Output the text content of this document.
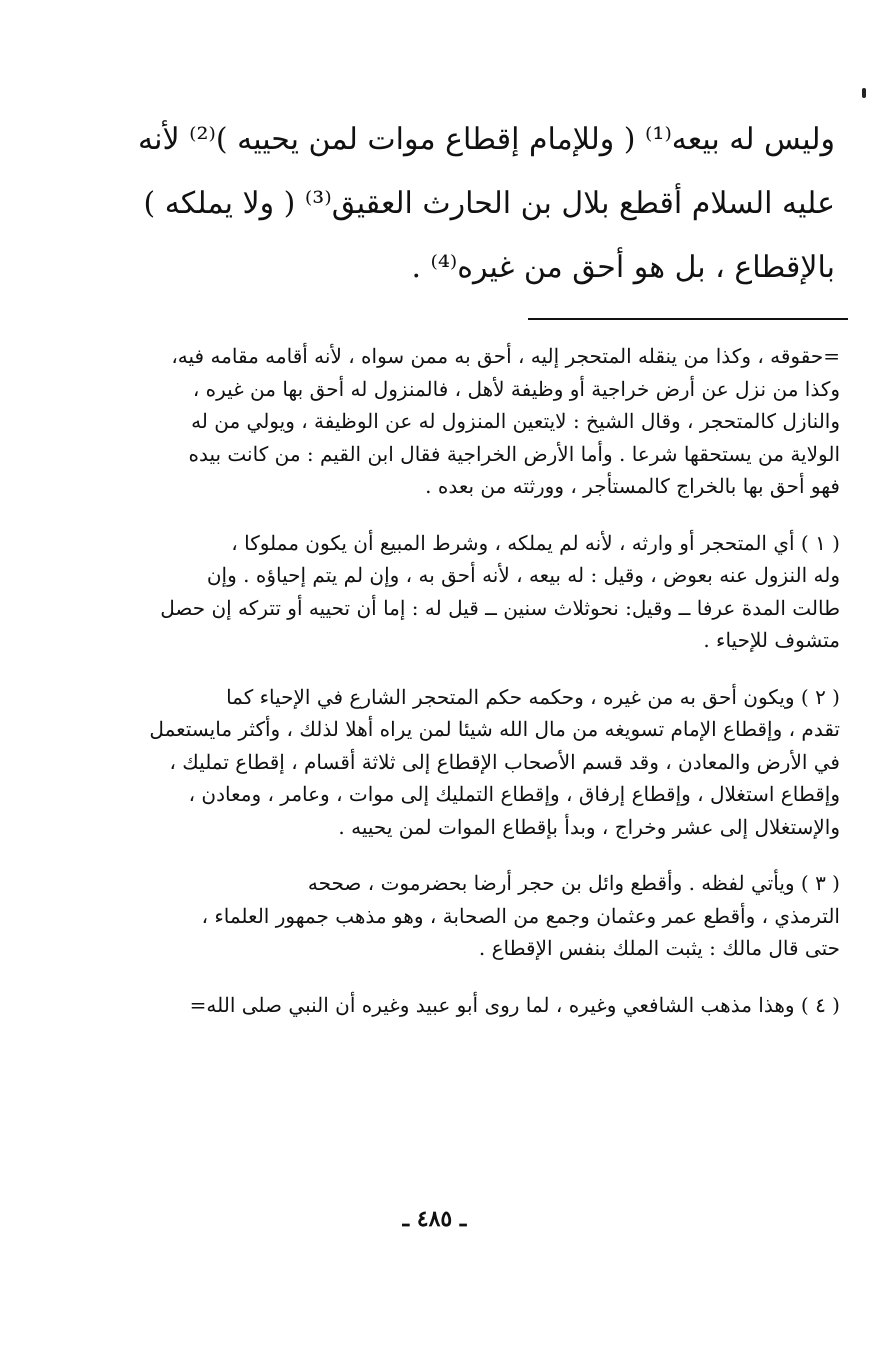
وليس له بيعه⁽¹⁾ ( وللإمام إقطاع موات لمن يحييه )⁽²⁾ لأنه
عليه السلام أقطع بلال بن الحارث العقيق⁽³⁾ ( ولا يملكه )
بالإقطاع ، بل هو أحق من غيره⁽⁴⁾ .
=حقوقه ، وكذا من ينقله المتحجر إليه ، أحق به ممن سواه ، لأنه أقامه مقامه فيه،
وكذا من نزل عن أرض خراجية أو وظيفة لأهل ، فالمنزول له أحق بها من غيره ،
والنازل كالمتحجر ، وقال الشيخ : لايتعين المنزول له عن الوظيفة ، ويولي من له
الولاية من يستحقها شرعا . وأما الأرض الخراجية فقال ابن القيم : من كانت بيده
فهو أحق بها بالخراج كالمستأجر ، وورثته من بعده .
( ١ ) أي المتحجر أو وارثه ، لأنه لم يملكه ، وشرط المبيع أن يكون مملوكا ،
وله النزول عنه بعوض ، وقيل : له بيعه ، لأنه أحق به ، وإن لم يتم إحياؤه . وإن
طالت المدة عرفا ــ وقيل: نحوثلاث سنين ــ قيل له : إما أن تحييه أو تتركه إن حصل
متشوف للإحياء .
( ٢ ) ويكون أحق به من غيره ، وحكمه حكم المتحجر الشارع في الإحياء كما
تقدم ، وإقطاع الإمام تسويغه من مال الله شيئا لمن يراه أهلا لذلك ، وأكثر مايستعمل
في الأرض والمعادن ، وقد قسم الأصحاب الإقطاع إلى ثلاثة أقسام ، إقطاع تمليك ،
وإقطاع استغلال ، وإقطاع إرفاق ، وإقطاع التمليك إلى موات ، وعامر ، ومعادن ،
والإستغلال إلى عشر وخراج ، وبدأ بإقطاع الموات لمن يحييه .
( ٣ ) ويأتي لفظه . وأقطع وائل بن حجر أرضا بحضرموت ، صححه
الترمذي ، وأقطع عمر وعثمان وجمع من الصحابة ، وهو مذهب جمهور العلماء ،
حتى قال مالك : يثبت الملك بنفس الإقطاع .
( ٤ ) وهذا مذهب الشافعي وغيره ، لما روى أبو عبيد وغيره أن النبي صلى الله=
ـ ٤٨٥ ـ
